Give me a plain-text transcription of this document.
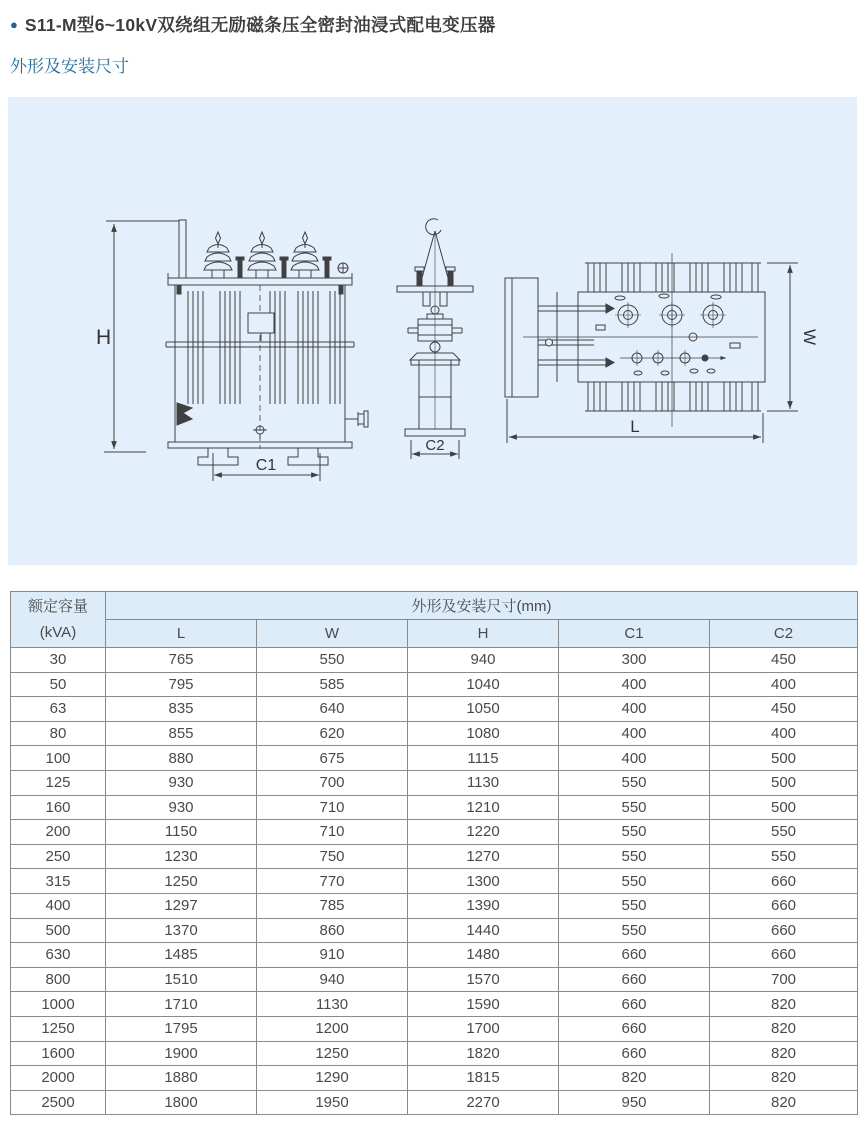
● S11-M型6~10kV双绕组无励磁条压全密封油浸式配电变压器
外形及安装尺寸
H
C1
C2
W
L
额定容量
(kVA)	外形及安装尺寸(mm)				
	L	W	H	C1	C2
30	765	550	940	300	450
50	795	585	1040	400	400
63	835	640	1050	400	450
80	855	620	1080	400	400
100	880	675	1115	400	500
125	930	700	1130	550	500
160	930	710	1210	550	500
200	1150	710	1220	550	550
250	1230	750	1270	550	550
315	1250	770	1300	550	660
400	1297	785	1390	550	660
500	1370	860	1440	550	660
630	1485	910	1480	660	660
800	1510	940	1570	660	700
1000	1710	1130	1590	660	820
1250	1795	1200	1700	660	820
1600	1900	1250	1820	660	820
2000	1880	1290	1815	820	820
2500	1800	1950	2270	950	820
